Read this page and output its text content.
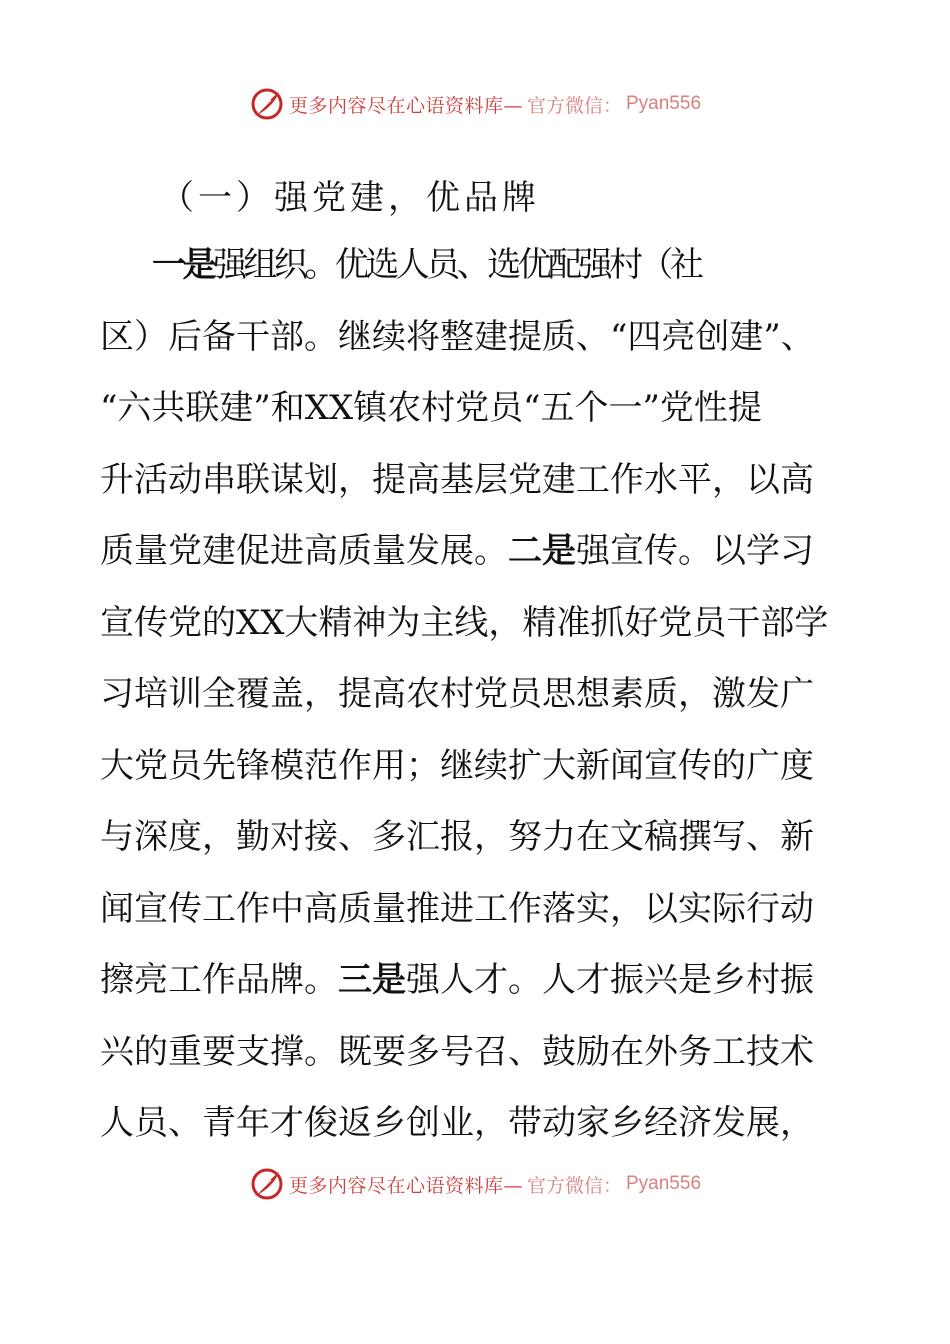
更多内容尽在心语资料库— 官方微信： Pyan556
（一）强党建，优品牌
一是强组织。优选人员、选优配强村（社
区）后备干部。继续将整建提质、“四亮创建”、
“六共联建”和XX镇农村党员“五个一”党性提
升活动串联谋划，提高基层党建工作水平，以高
质量党建促进高质量发展。二是强宣传。以学习
宣传党的XX大精神为主线，精准抓好党员干部学
习培训全覆盖，提高农村党员思想素质，激发广
大党员先锋模范作用；继续扩大新闻宣传的广度
与深度，勤对接、多汇报，努力在文稿撰写、新
闻宣传工作中高质量推进工作落实，以实际行动
擦亮工作品牌。三是强人才。人才振兴是乡村振
兴的重要支撑。既要多号召、鼓励在外务工技术
人员、青年才俊返乡创业，带动家乡经济发展，
更多内容尽在心语资料库— 官方微信： Pyan556
